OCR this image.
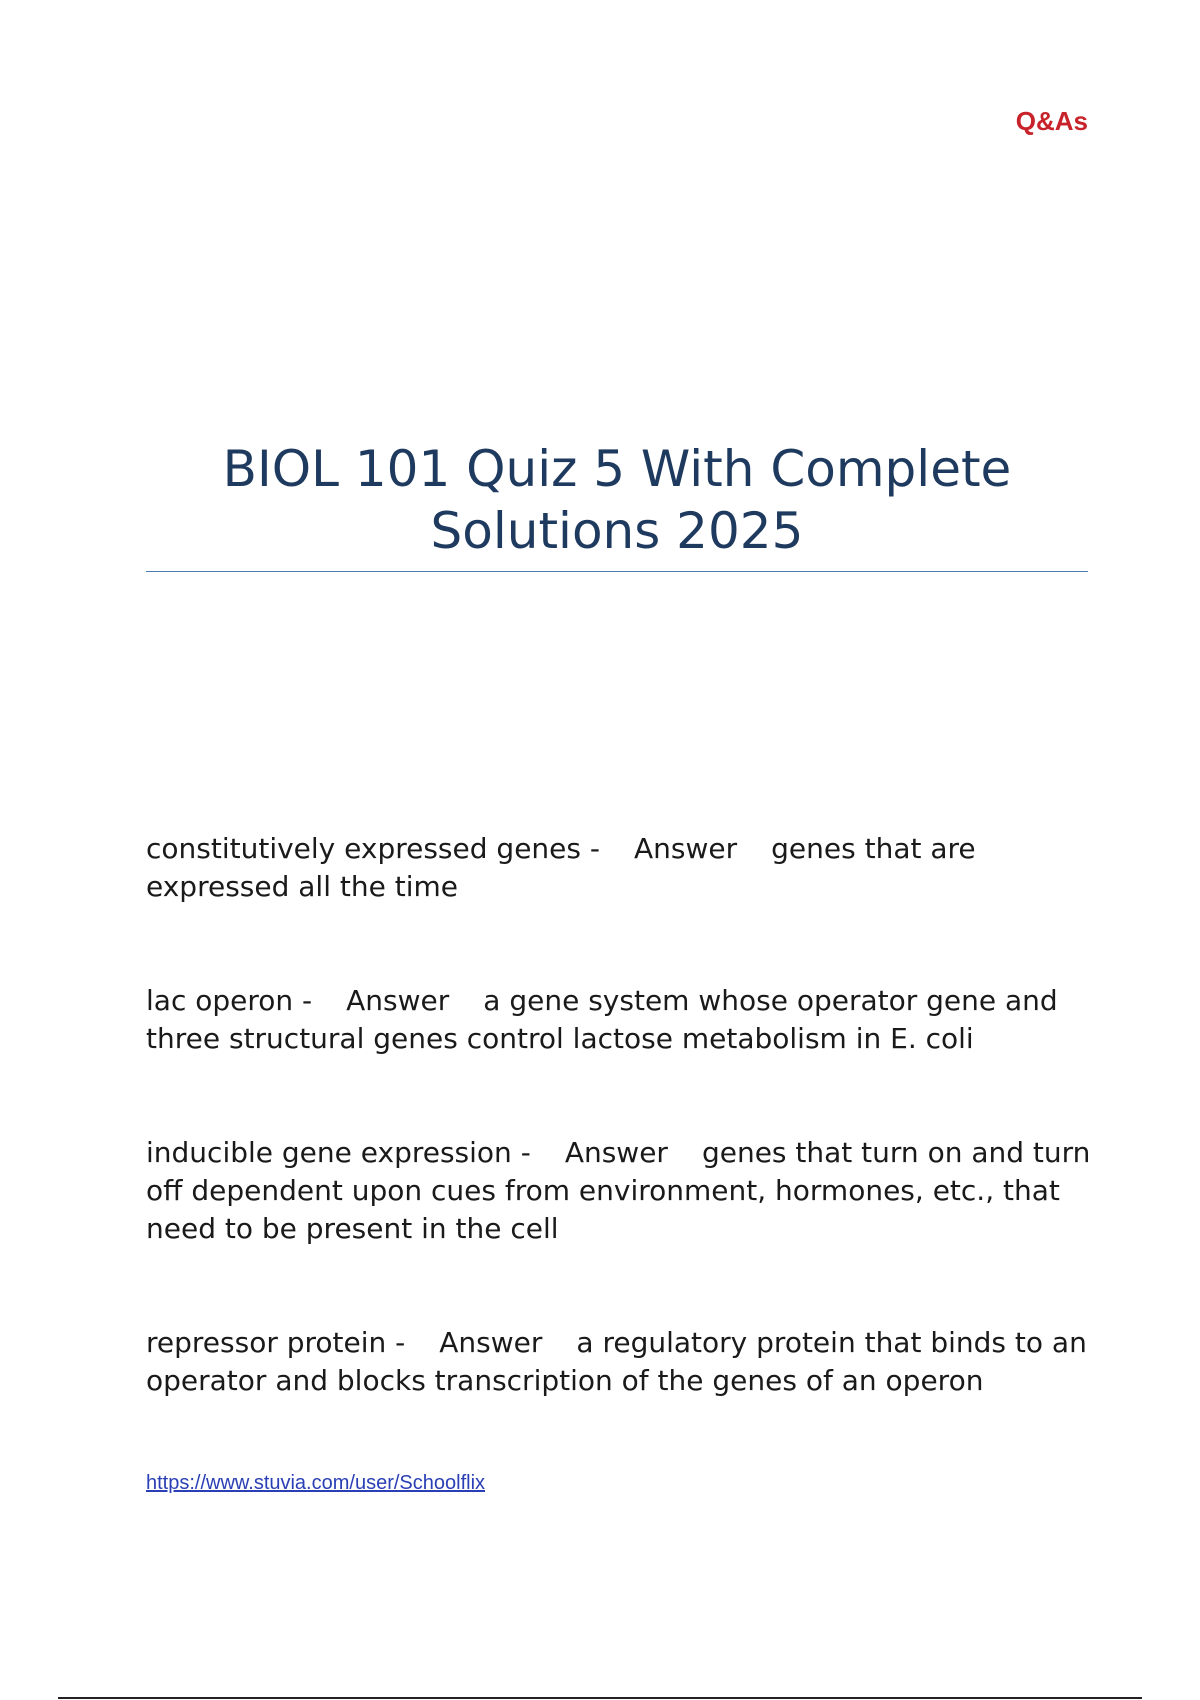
Q&As
BIOL 101 Quiz 5 With Complete Solutions 2025
constitutively expressed genes - Answer genes that are expressed all the time
lac operon - Answer a gene system whose operator gene and three structural genes control lactose metabolism in E. coli
inducible gene expression - Answer genes that turn on and turn off dependent upon cues from environment, hormones, etc., that need to be present in the cell
repressor protein - Answer a regulatory protein that binds to an operator and blocks transcription of the genes of an operon
https://www.stuvia.com/user/Schoolflix
